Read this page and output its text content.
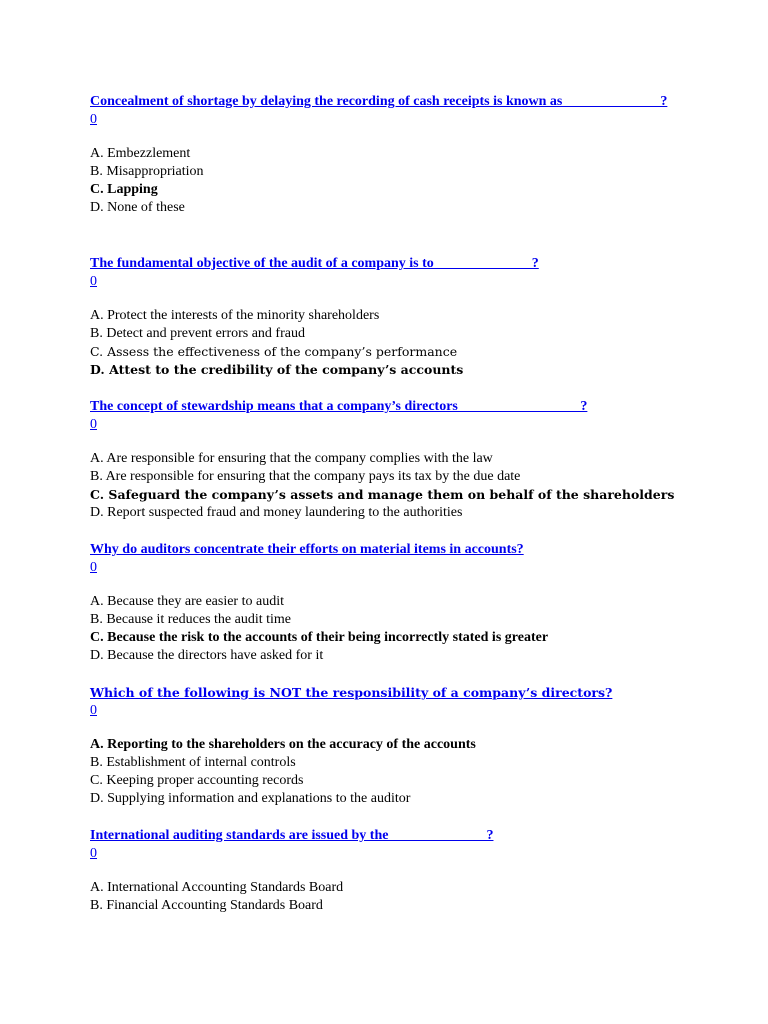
Concealment of shortage by delaying the recording of cash receipts is known as______________?
0
A. Embezzlement
B. Misappropriation
C. Lapping
D. None of these
The fundamental objective of the audit of a company is to______________?
0
A. Protect the interests of the minority shareholders
B. Detect and prevent errors and fraud
C. Assess the effectiveness of the company’s performance
D. Attest to the credibility of the company’s accounts
The concept of stewardship means that a company’s directors _________________?
0
A. Are responsible for ensuring that the company complies with the law
B. Are responsible for ensuring that the company pays its tax by the due date
C. Safeguard the company’s assets and manage them on behalf of the shareholders
D. Report suspected fraud and money laundering to the authorities
Why do auditors concentrate their efforts on material items in accounts?
0
A. Because they are easier to audit
B. Because it reduces the audit time
C. Because the risk to the accounts of their being incorrectly stated is greater
D. Because the directors have asked for it
Which of the following is NOT the responsibility of a company’s directors?
0
A. Reporting to the shareholders on the accuracy of the accounts
B. Establishment of internal controls
C. Keeping proper accounting records
D. Supplying information and explanations to the auditor
International auditing standards are issued by the______________?
0
A. International Accounting Standards Board
B. Financial Accounting Standards Board
